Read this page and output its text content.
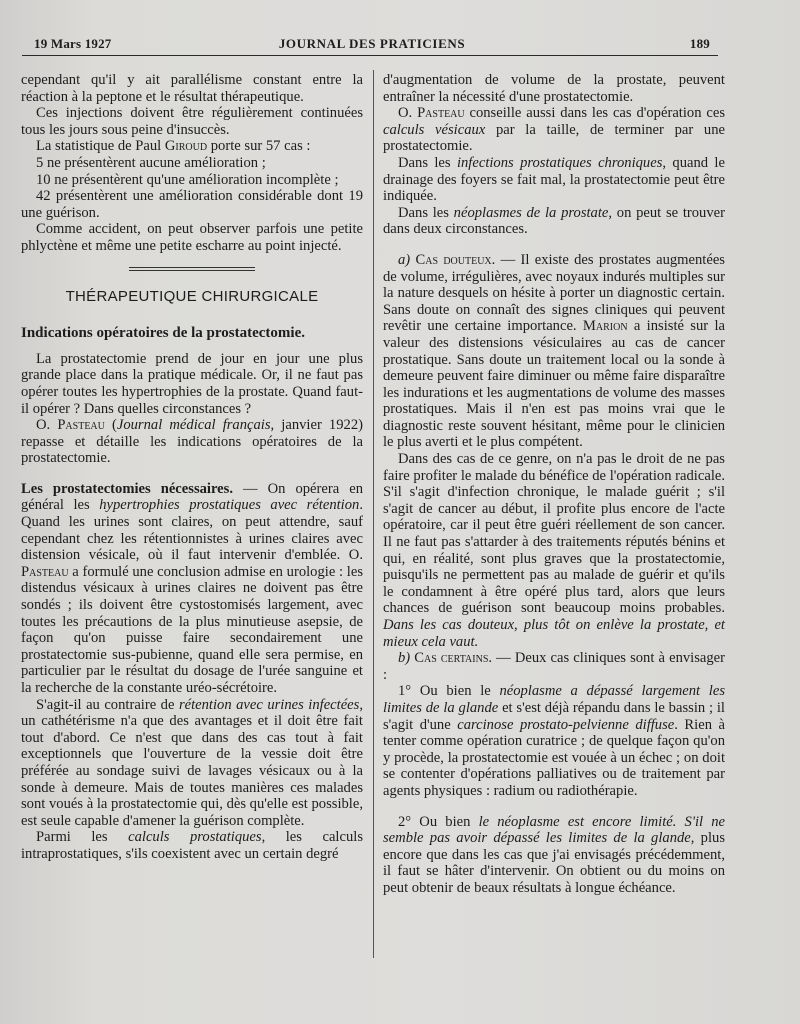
19 Mars 1927	JOURNAL DES PRATICIENS	189

cependant qu'il y ait parallélisme constant entre la réaction à la peptone et le résultat thérapeutique.

Ces injections doivent être régulièrement continuées tous les jours sous peine d'insuccès.

La statistique de Paul Giroud porte sur 57 cas :

5 ne présentèrent aucune amélioration ;

10 ne présentèrent qu'une amélioration incomplète ;

42 présentèrent une amélioration considérable dont 19 une guérison.

Comme accident, on peut observer parfois une petite phlyctène et même une petite escharre au point injecté.

THÉRAPEUTIQUE CHIRURGICALE
Indications opératoires de la prostatectomie.

La prostatectomie prend de jour en jour une plus grande place dans la pratique médicale. Or, il ne faut pas opérer toutes les hypertrophies de la prostate. Quand faut-il opérer ? Dans quelles circonstances ?

O. Pasteau (Journal médical français, janvier 1922) repasse et détaille les indications opératoires de la prostatectomie.

Les prostatectomies nécessaires. — On opérera en général les hypertrophies prostatiques avec rétention. Quand les urines sont claires, on peut attendre, sauf cependant chez les rétentionnistes à urines claires avec distension vésicale, où il faut intervenir d'emblée. O. Pasteau a formulé une conclusion admise en urologie : les distendus vésicaux à urines claires ne doivent pas être sondés ; ils doivent être cystostomisés largement, avec toutes les précautions de la plus minutieuse asepsie, de façon qu'on puisse faire secondairement une prostatectomie sus-pubienne, quand elle sera permise, en particulier par le résultat du dosage de l'urée sanguine et la recherche de la constante uréo-sécrétoire.

S'agit-il au contraire de rétention avec urines infectées, un cathétérisme n'a que des avantages et il doit être fait tout d'abord. Ce n'est que dans des cas tout à fait exceptionnels que l'ouverture de la vessie doit être préférée au sondage suivi de lavages vésicaux ou à la sonde à demeure. Mais de toutes manières ces malades sont voués à la prostatectomie qui, dès qu'elle est possible, est seule capable d'amener la guérison complète.

Parmi les calculs prostatiques, les calculs intraprostatiques, s'ils coexistent avec un certain degré

d'augmentation de volume de la prostate, peuvent entraîner la nécessité d'une prostatectomie.

O. Pasteau conseille aussi dans les cas d'opération ces calculs vésicaux par la taille, de terminer par une prostatectomie.

Dans les infections prostatiques chroniques, quand le drainage des foyers se fait mal, la prostatectomie peut être indiquée.

Dans les néoplasmes de la prostate, on peut se trouver dans deux circonstances.

a) Cas douteux. — Il existe des prostates augmentées de volume, irrégulières, avec noyaux indurés multiples sur la nature desquels on hésite à porter un diagnostic certain. Sans doute on connaît des signes cliniques qui peuvent revêtir une certaine importance. Marion a insisté sur la valeur des distensions vésiculaires au cas de cancer prostatique. Sans doute un traitement local ou la sonde à demeure peuvent faire diminuer ou même faire disparaître les indurations et les augmentations de volume des masses prostatiques. Mais il n'en est pas moins vrai que le diagnostic reste souvent hésitant, même pour le clinicien le plus averti et le plus compétent.

Dans des cas de ce genre, on n'a pas le droit de ne pas faire profiter le malade du bénéfice de l'opération radicale. S'il s'agit d'infection chronique, le malade guérit ; s'il s'agit de cancer au début, il profite plus encore de l'acte opératoire, car il peut être guéri réellement de son cancer. Il ne faut pas s'attarder à des traitements réputés bénins et qui, en réalité, sont plus graves que la prostatectomie, puisqu'ils ne permettent pas au malade de guérir et qu'ils le condamnent à être opéré plus tard, alors que leurs chances de guérison sont beaucoup moins probables. Dans les cas douteux, plus tôt on enlève la prostate, et mieux cela vaut.

b) Cas certains. — Deux cas cliniques sont à envisager :

1° Ou bien le néoplasme a dépassé largement les limites de la glande et s'est déjà répandu dans le bassin ; il s'agit d'une carcinose prostato-pelvienne diffuse. Rien à tenter comme opération curatrice ; de quelque façon qu'on y procède, la prostatectomie est vouée à un échec ; on doit se contenter d'opérations palliatives ou de traitement par agents physiques : radium ou radiothérapie.

2° Ou bien le néoplasme est encore limité. S'il ne semble pas avoir dépassé les limites de la glande, plus encore que dans les cas que j'ai envisagés précédemment, il faut se hâter d'intervenir. On obtient ou du moins on peut obtenir de beaux résultats à longue échéance.
